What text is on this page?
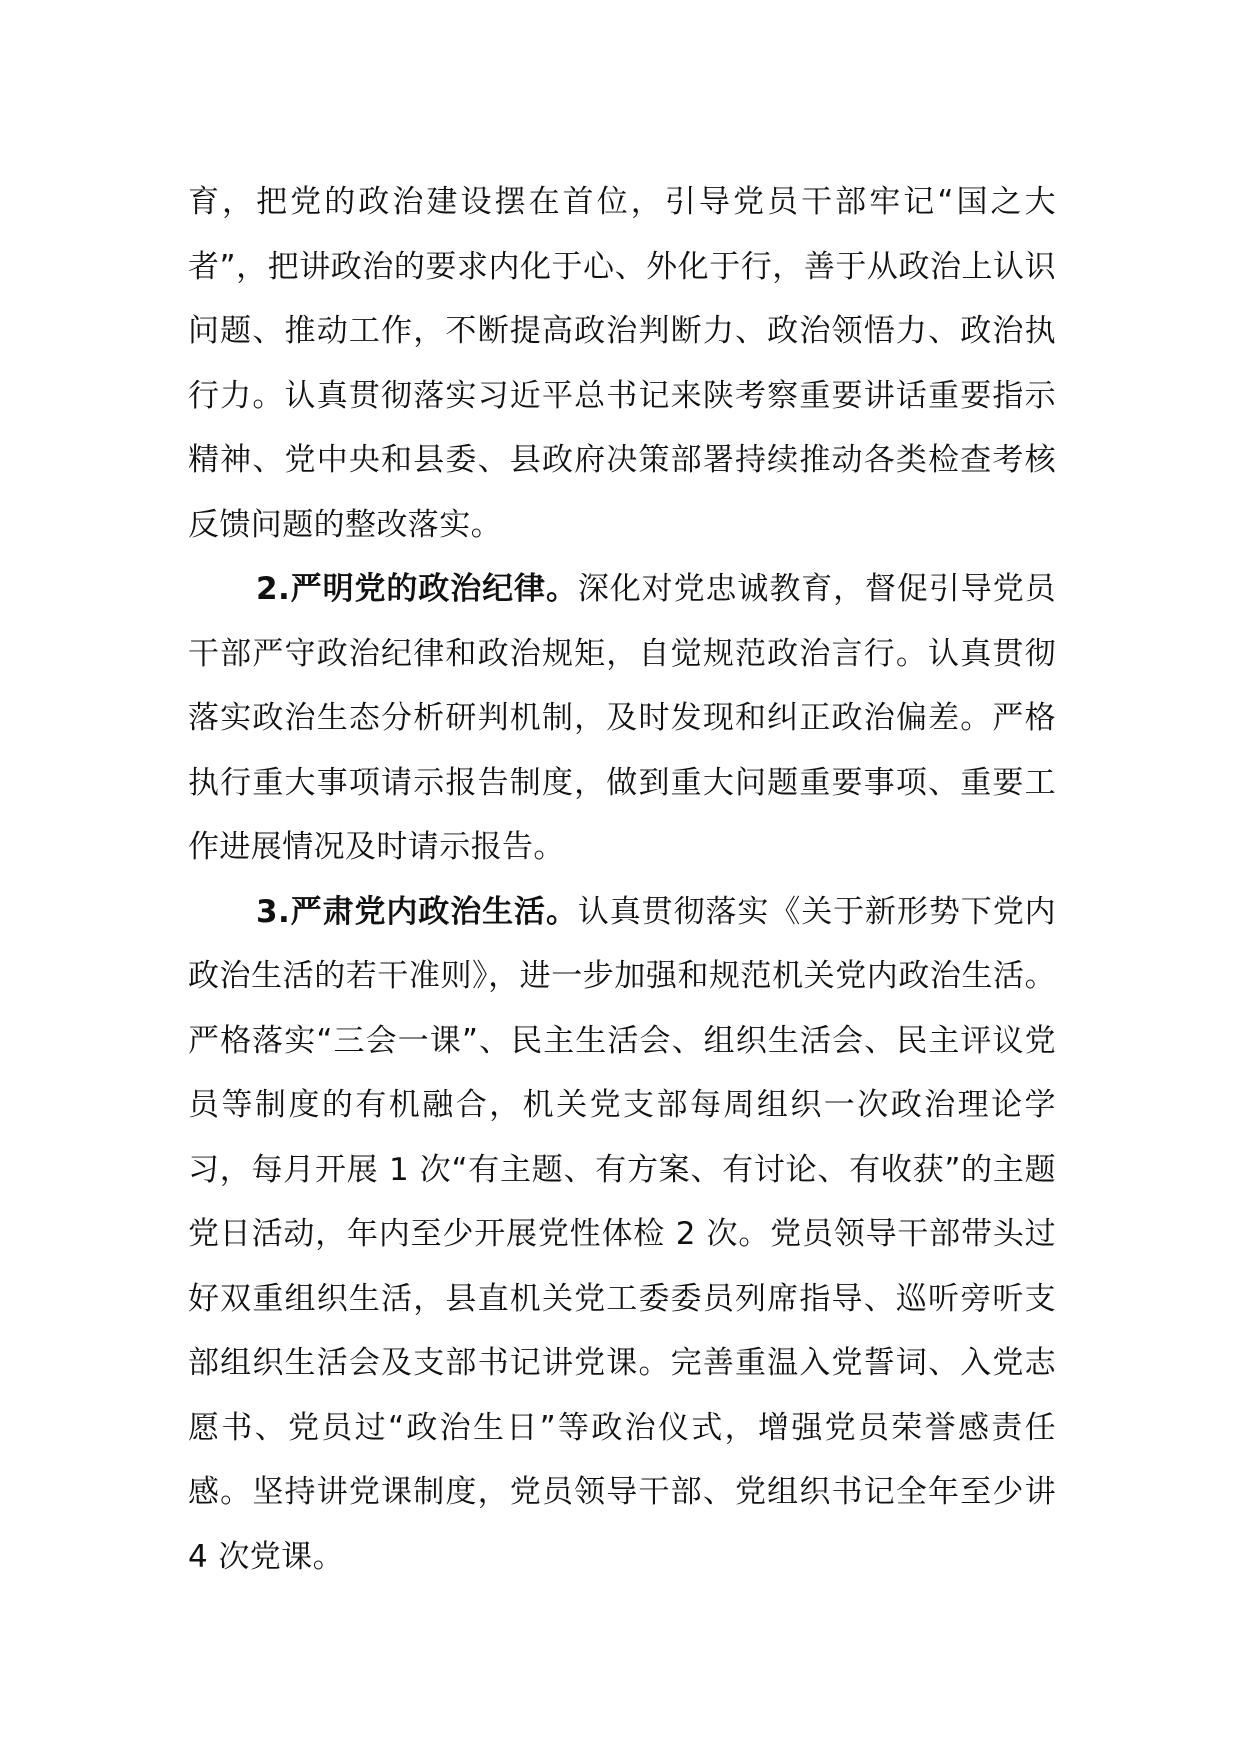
育，把党的政治建设摆在首位，引导党员干部牢记“国之大者”，把讲政治的要求内化于心、外化于行，善于从政治上认识问题、推动工作，不断提高政治判断力、政治领悟力、政治执行力。认真贯彻落实习近平总书记来陕考察重要讲话重要指示精神、党中央和县委、县政府决策部署持续推动各类检查考核反馈问题的整改落实。

2.严明党的政治纪律。深化对党忠诚教育，督促引导党员干部严守政治纪律和政治规矩，自觉规范政治言行。认真贯彻落实政治生态分析研判机制，及时发现和纠正政治偏差。严格执行重大事项请示报告制度，做到重大问题重要事项、重要工作进展情况及时请示报告。

3.严肃党内政治生活。认真贯彻落实《关于新形势下党内政治生活的若干准则》，进一步加强和规范机关党内政治生活。严格落实“三会一课”、民主生活会、组织生活会、民主评议党员等制度的有机融合，机关党支部每周组织一次政治理论学习，每月开展 1 次“有主题、有方案、有讨论、有收获”的主题党日活动，年内至少开展党性体检 2 次。党员领导干部带头过好双重组织生活，县直机关党工委委员列席指导、巡听旁听支部组织生活会及支部书记讲党课。完善重温入党誓词、入党志愿书、党员过“政治生日”等政治仪式，增强党员荣誉感责任感。坚持讲党课制度，党员领导干部、党组织书记全年至少讲 4 次党课。
